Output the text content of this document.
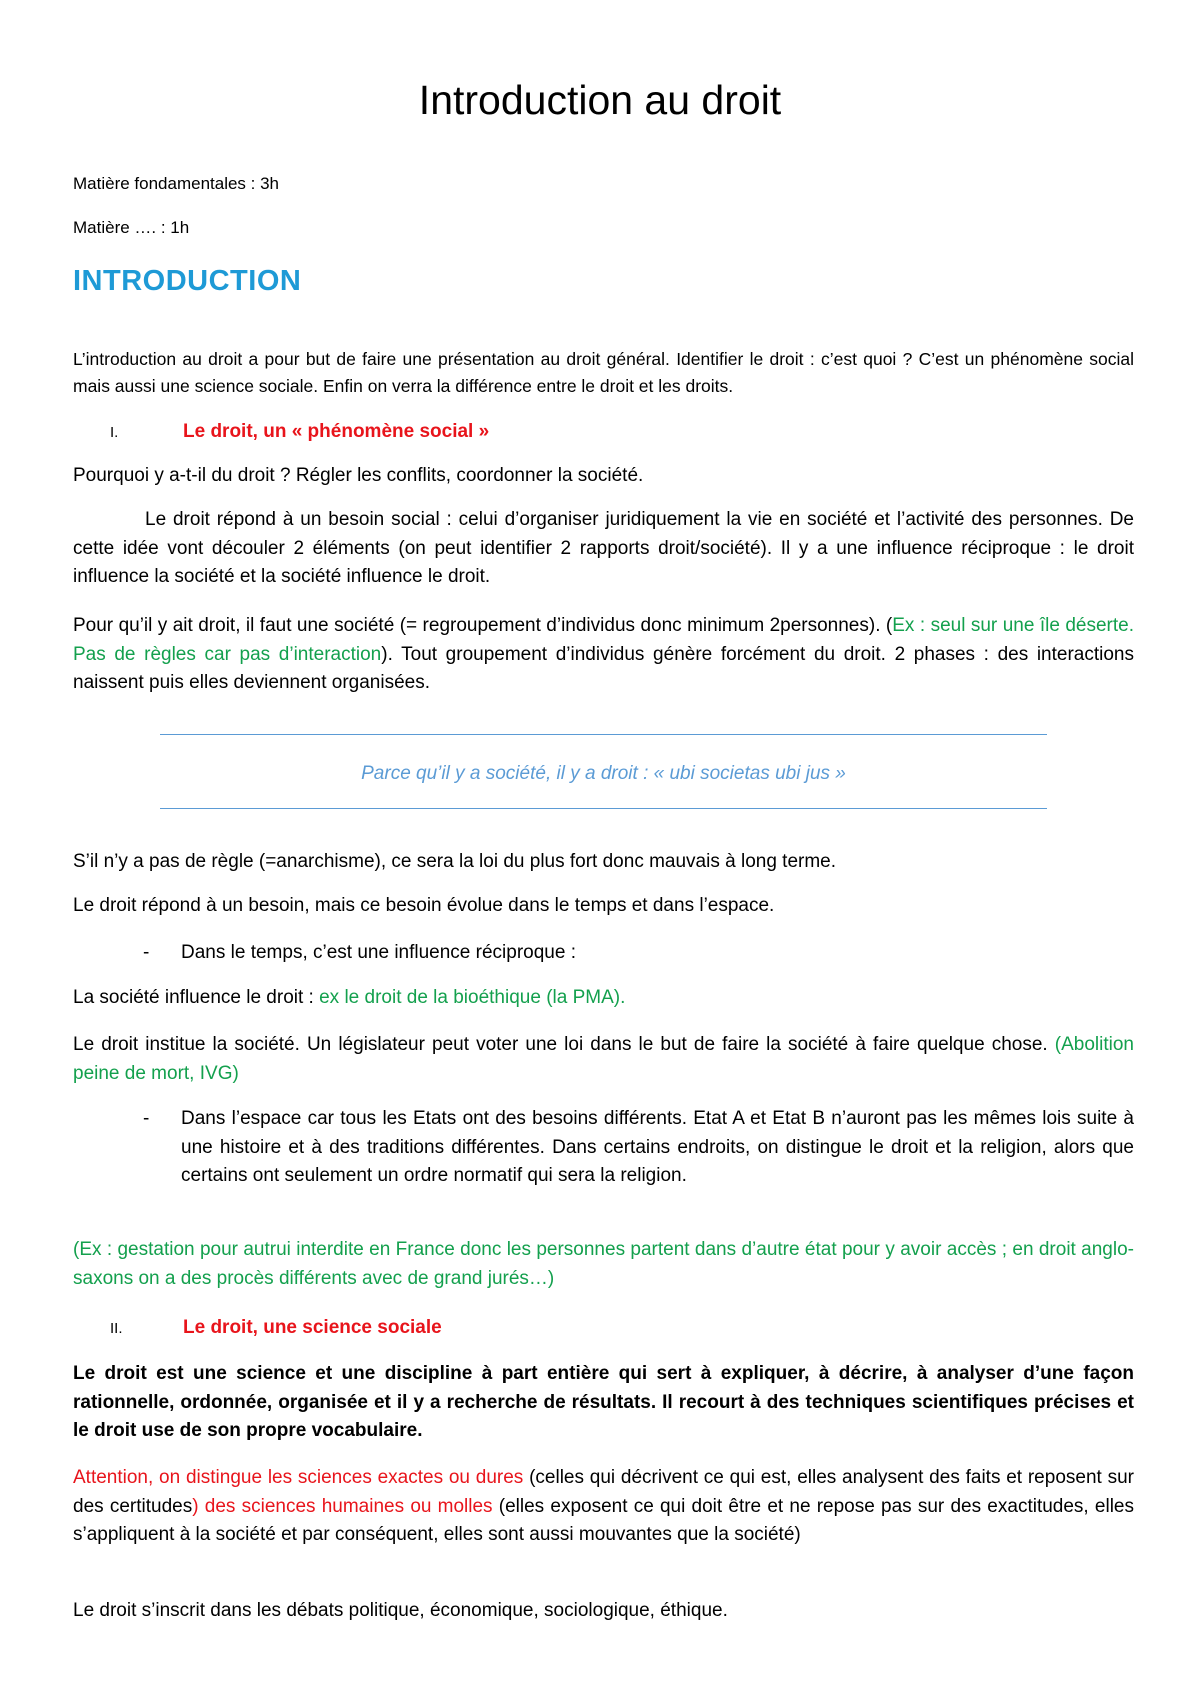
Introduction au droit

Matière fondamentales : 3h

Matière …. : 1h

INTRODUCTION

L’introduction au droit a pour but de faire une présentation au droit général. Identifier le droit : c’est quoi ? C’est un phénomène social mais aussi une science sociale. Enfin on verra la différence entre le droit et les droits.

I.	Le droit, un « phénomène social »

Pourquoi y a-t-il du droit ? Régler les conflits, coordonner la société.

Le droit répond à un besoin social : celui d’organiser juridiquement la vie en société et l’activité des personnes. De cette idée vont découler 2 éléments (on peut identifier 2 rapports droit/société). Il y a une influence réciproque : le droit influence la société et la société influence le droit.

Pour qu’il y ait droit, il faut une société (= regroupement d’individus donc minimum 2personnes). (Ex : seul sur une île déserte. Pas de règles car pas d’interaction). Tout groupement d’individus génère forcément du droit. 2 phases : des interactions naissent puis elles deviennent organisées.

Parce qu’il y a société, il y a droit : « ubi societas ubi jus »

S’il n’y a pas de règle (=anarchisme), ce sera la loi du plus fort donc mauvais à long terme.

Le droit répond à un besoin, mais ce besoin évolue dans le temps et dans l’espace.

- Dans le temps, c’est une influence réciproque :

La société influence le droit : ex le droit de la bioéthique (la PMA).

Le droit institue la société. Un législateur peut voter une loi dans le but de faire la société à faire quelque chose. (Abolition peine de mort, IVG)

- Dans l’espace car tous les Etats ont des besoins différents. Etat A et Etat B n’auront pas les mêmes lois suite à une histoire et à des traditions différentes. Dans certains endroits, on distingue le droit et la religion, alors que certains ont seulement un ordre normatif qui sera la religion.

(Ex : gestation pour autrui interdite en France donc les personnes partent dans d’autre état pour y avoir accès ; en droit anglo-saxons on a des procès différents avec de grand jurés…)

II.	Le droit, une science sociale

Le droit est une science et une discipline à part entière qui sert à expliquer, à décrire, à analyser d’une façon rationnelle, ordonnée, organisée et il y a recherche de résultats. Il recourt à des techniques scientifiques précises et le droit use de son propre vocabulaire.

Attention, on distingue les sciences exactes ou dures (celles qui décrivent ce qui est, elles analysent des faits et reposent sur des certitudes) des sciences humaines ou molles (elles exposent ce qui doit être et ne repose pas sur des exactitudes, elles s’appliquent à la société et par conséquent, elles sont aussi mouvantes que la société)

Le droit s’inscrit dans les débats politique, économique, sociologique, éthique.
